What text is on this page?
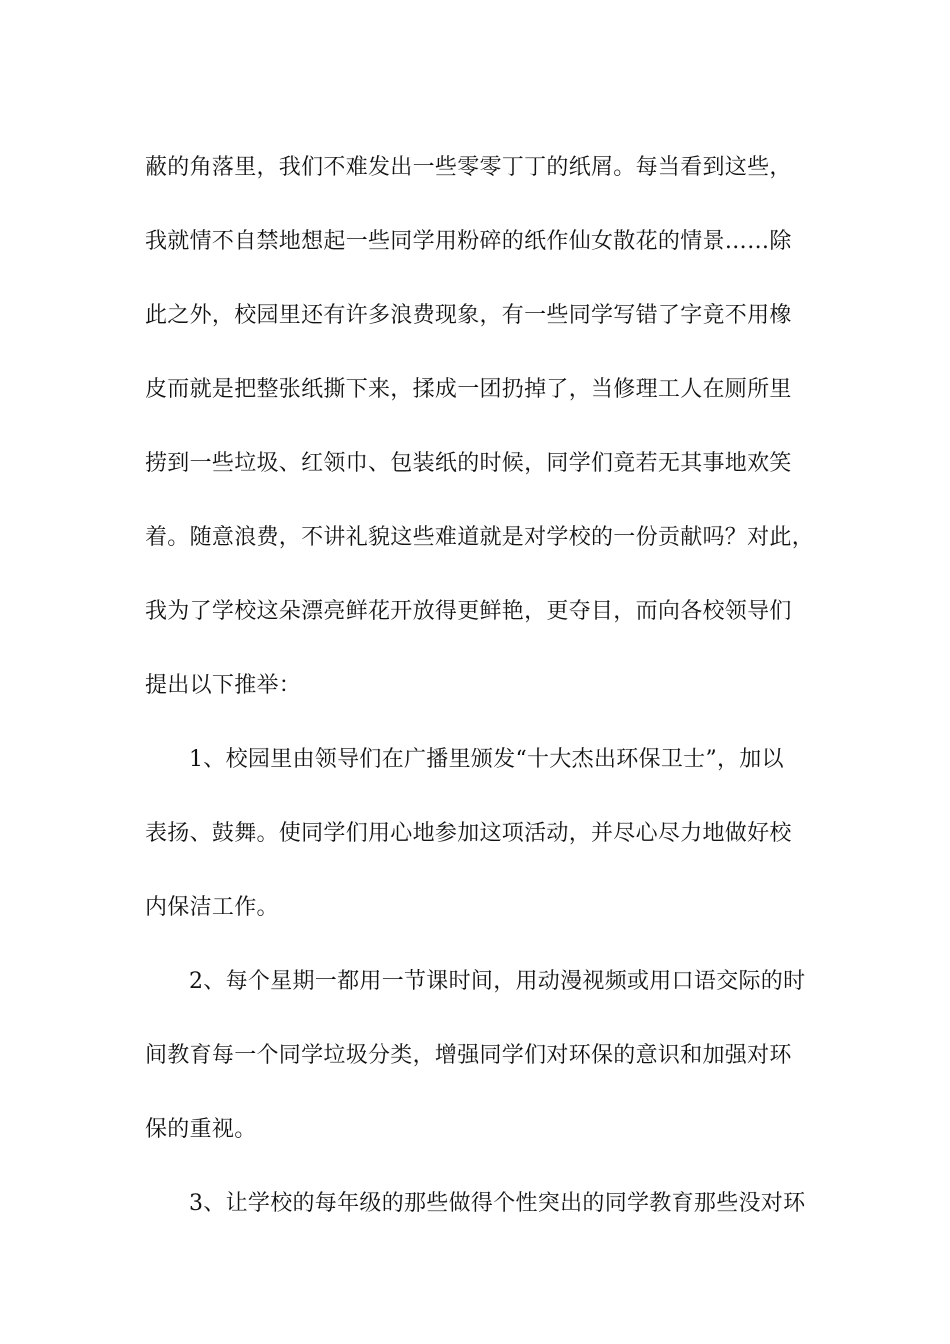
蔽的角落里，我们不难发出一些零零丁丁的纸屑。每当看到这些，
我就情不自禁地想起一些同学用粉碎的纸作仙女散花的情景……除
此之外，校园里还有许多浪费现象，有一些同学写错了字竟不用橡
皮而就是把整张纸撕下来，揉成一团扔掉了，当修理工人在厕所里
捞到一些垃圾、红领巾、包装纸的时候，同学们竟若无其事地欢笑
着。随意浪费，不讲礼貌这些难道就是对学校的一份贡献吗？对此，
我为了学校这朵漂亮鲜花开放得更鲜艳，更夺目，而向各校领导们
提出以下推举：
1、校园里由领导们在广播里颁发“十大杰出环保卫士”，加以
表扬、鼓舞。使同学们用心地参加这项活动，并尽心尽力地做好校
内保洁工作。
2、每个星期一都用一节课时间，用动漫视频或用口语交际的时
间教育每一个同学垃圾分类，增强同学们对环保的意识和加强对环
保的重视。
3、让学校的每年级的那些做得个性突出的同学教育那些没对环
